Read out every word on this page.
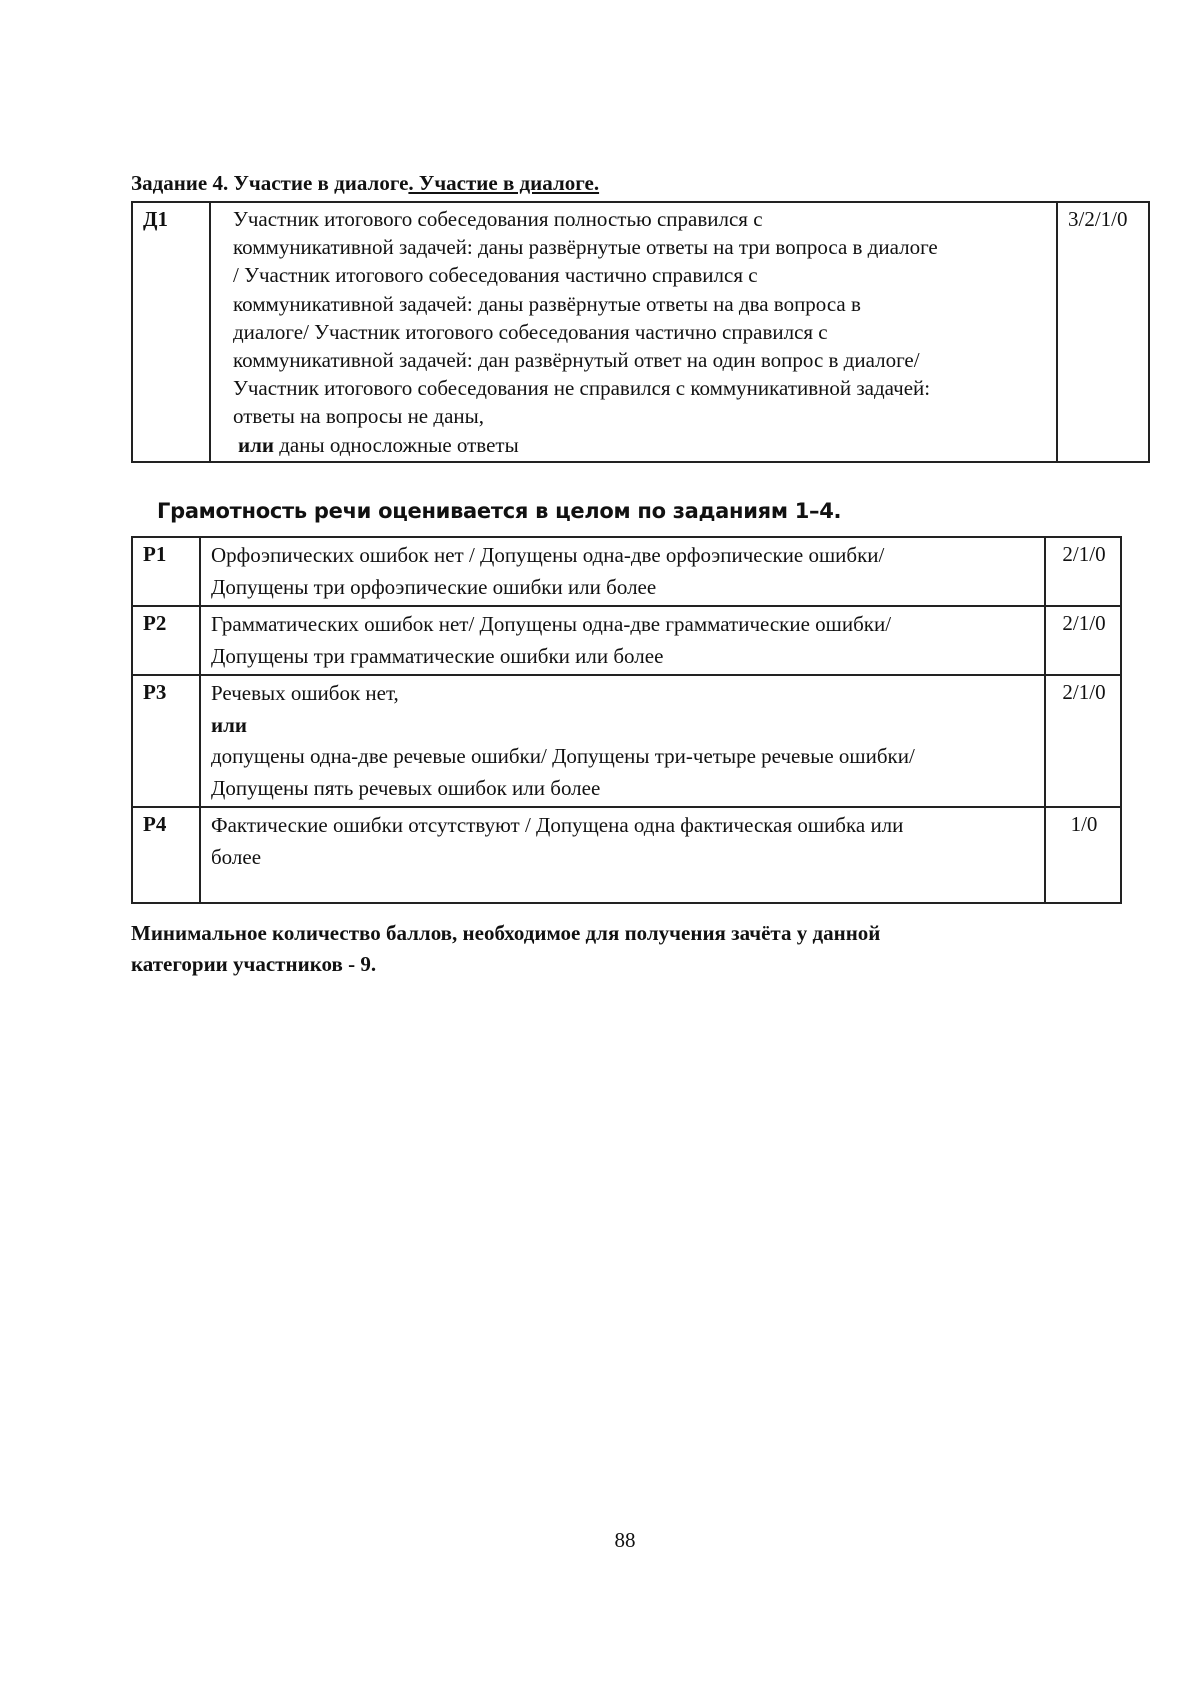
Задание 4. Участие в диалоге. Участие в диалоге.
Д1	Участник итогового собеседования полностью справился с
коммуникативной задачей: даны развёрнутые ответы на три вопроса в диалоге
/ Участник итогового собеседования частично справился с
коммуникативной задачей: даны развёрнутые ответы на два вопроса в
диалоге/ Участник итогового собеседования частично справился с
коммуникативной задачей: дан развёрнутый ответ на один вопрос в диалоге/
Участник итогового собеседования не справился с коммуникативной задачей:
ответы на вопросы не даны,
или даны односложные ответы
	3/2/1/0
Грамотность речи оценивается в целом по заданиям 1–4.
Р1	Орфоэпических ошибок нет / Допущены одна-две орфоэпические ошибки/
Допущены три орфоэпические ошибки или более	2/1/0
Р2	Грамматических ошибок нет/ Допущены одна-две грамматические ошибки/
Допущены три грамматические ошибки или более	2/1/0
Р3	Речевых ошибок нет,
или
допущены одна-две речевые ошибки/ Допущены три-четыре речевые ошибки/
Допущены пять речевых ошибок или более	2/1/0
Р4	Фактические ошибки отсутствуют / Допущена одна фактическая ошибка или
более	1/0
Минимальное количество баллов, необходимое для получения зачёта у данной
категории участников - 9.
88
